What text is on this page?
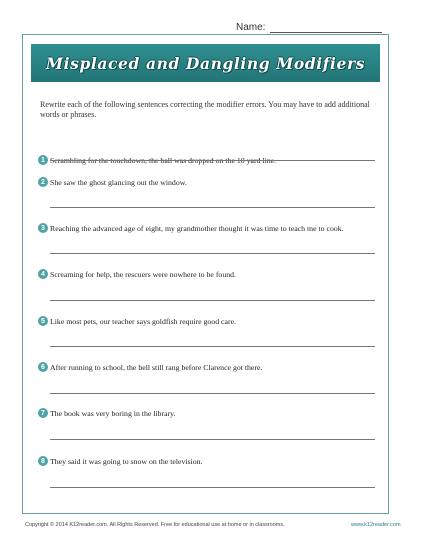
Name:
Misplaced and Dangling Modifiers
Rewrite each of the following sentences correcting the modifier errors. You may have to add additional words or phrases.
1 Scrambling for the touchdown, the ball was dropped on the 10 yard line.
2 She saw the ghost glancing out the window.
3 Reaching the advanced age of eight, my grandmother thought it was time to teach me to cook.
4 Screaming for help, the rescuers were nowhere to be found.
5 Like most pets, our teacher says goldfish require good care.
6 After running to school, the bell still rang before Clarence got there.
7 The book was very boring in the library.
8 They said it was going to snow on the television.
Copyright © 2014 K12reader.com. All Rights Reserved. Free for educational use at home or in classrooms.	www.k12reader.com
